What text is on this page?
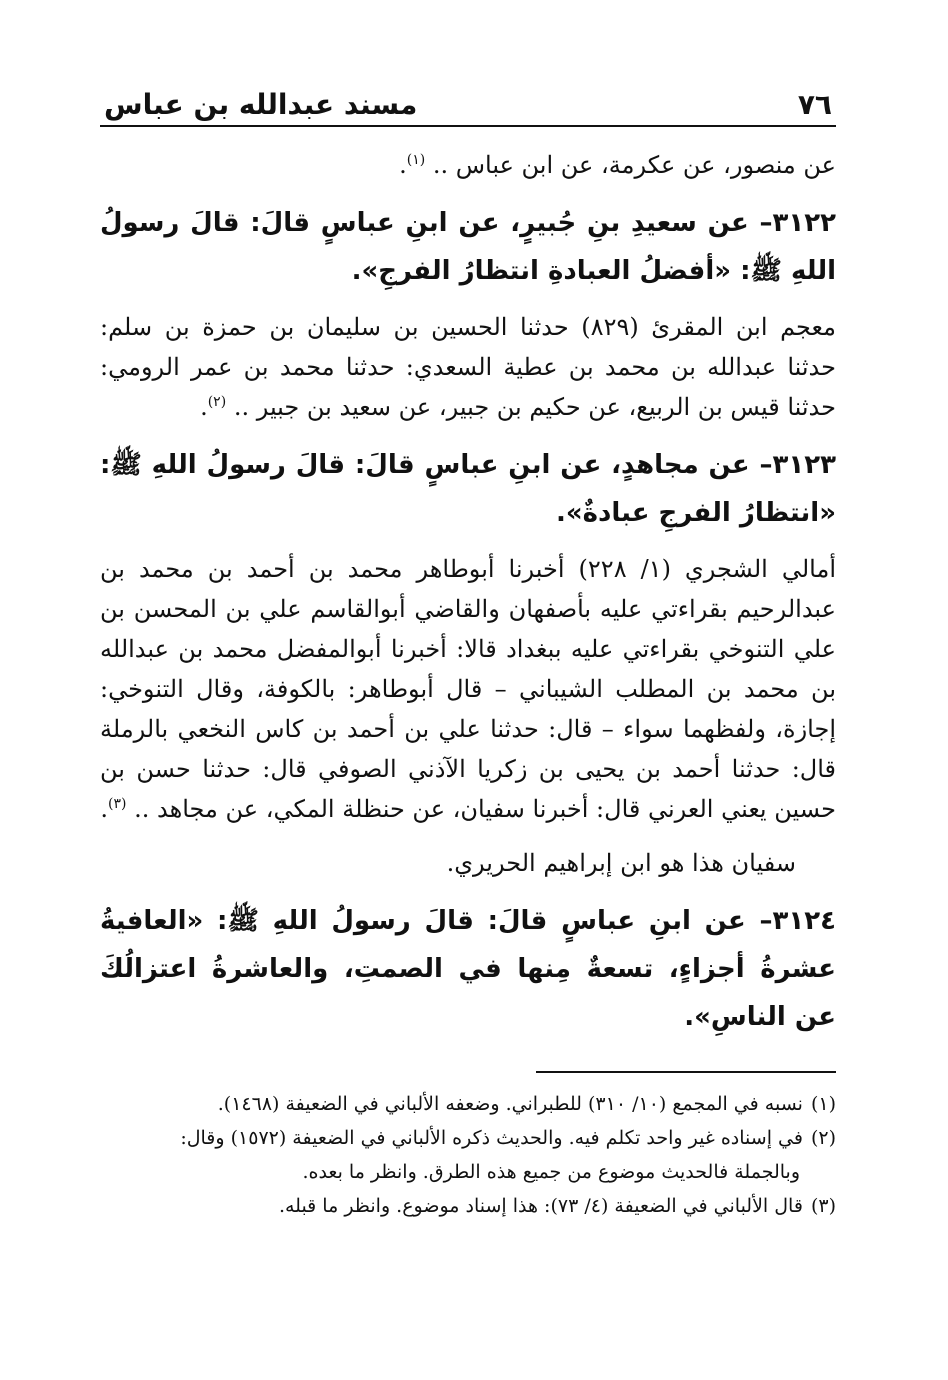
٧٦
مسند عبدالله بن عباس

عن منصور، عن عكرمة، عن ابن عباس .. $^{(١)}$.

٣١٢٢– عن سعيدِ بنِ جُبيرٍ، عن ابنِ عباسٍ قالَ: قالَ رسولُ اللهِ ﷺ: «أفضلُ العبادةِ انتظارُ الفرجِ».

معجم ابن المقرئ (٨٢٩) حدثنا الحسين بن سليمان بن حمزة بن سلم: حدثنا عبدالله بن محمد بن عطية السعدي: حدثنا محمد بن عمر الرومي: حدثنا قيس بن الربيع، عن حكيم بن جبير، عن سعيد بن جبير .. $^{(٢)}$.

٣١٢٣– عن مجاهدٍ، عن ابنِ عباسٍ قالَ: قالَ رسولُ اللهِ ﷺ: «انتظارُ الفرجِ عبادةٌ».

أمالي الشجري (١/ ٢٢٨) أخبرنا أبوطاهر محمد بن أحمد بن محمد بن عبدالرحيم بقراءتي عليه بأصفهان والقاضي أبوالقاسم علي بن المحسن بن علي التنوخي بقراءتي عليه ببغداد قالا: أخبرنا أبوالمفضل محمد بن عبدالله بن محمد بن المطلب الشيباني – قال أبوطاهر: بالكوفة، وقال التنوخي: إجازة، ولفظهما سواء – قال: حدثنا علي بن أحمد بن كاس النخعي بالرملة قال: حدثنا أحمد بن يحيى بن زكريا الآذني الصوفي قال: حدثنا حسن بن حسين يعني العرني قال: أخبرنا سفيان، عن حنظلة المكي، عن مجاهد .. $^{(٣)}$.

سفيان هذا هو ابن إبراهيم الحريري.

٣١٢٤– عن ابنِ عباسٍ قالَ: قالَ رسولُ اللهِ ﷺ: «العافيةُ عشرةُ أجزاءٍ، تسعةٌ مِنها في الصمتِ، والعاشرةُ اعتزالُكَ عن الناسِ».

(١)نسبه في المجمع (١٠/ ٣١٠) للطبراني. وضعفه الألباني في الضعيفة (١٤٦٨).

(٢)في إسناده غير واحد تكلم فيه. والحديث ذكره الألباني في الضعيفة (١٥٧٢) وقال:

وبالجملة فالحديث موضوع من جميع هذه الطرق. وانظر ما بعده.

(٣)قال الألباني في الضعيفة (٤/ ٧٣): هذا إسناد موضوع. وانظر ما قبله.
